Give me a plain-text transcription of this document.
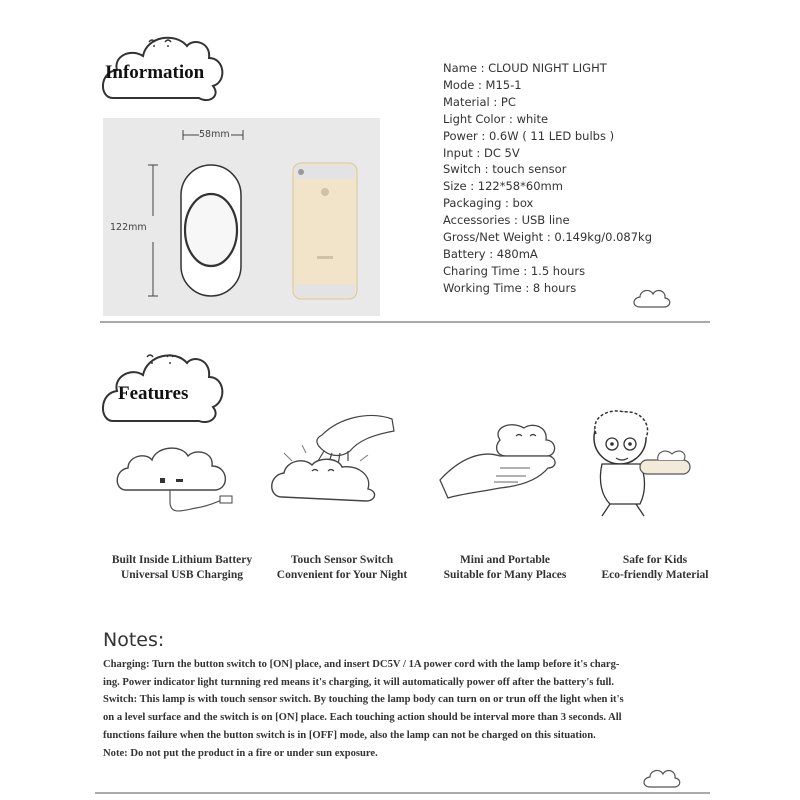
Information
58mm
122mm
Name : CLOUD NIGHT LIGHT
Mode : M15-1
Material : PC
Light Color : white
Power : 0.6W ( 11 LED bulbs )
Input : DC 5V
Switch : touch sensor
Size : 122*58*60mm
Packaging : box
Accessories : USB line
Gross/Net Weight : 0.149kg/0.087kg
Battery : 480mA
Charing Time : 1.5 hours
Working Time : 8 hours
Features
Built Inside Lithium Battery
Universal USB Charging
Touch Sensor Switch
Convenient for Your Night
Mini and Portable
Suitable for Many Places
Safe for Kids
Eco-friendly Material
Notes:

Charging: Turn the button switch to [ON] place, and insert DC5V / 1A power cord with the lamp before it's charg-

ing. Power indicator light turnning red means it's charging, it will automatically power off after the battery's full.

Switch: This lamp is with touch sensor switch. By touching the lamp body can turn on or trun off the light when it's

on a level surface and the switch is on [ON] place. Each touching action should be interval more than 3 seconds. All

functions failure when the button switch is in [OFF] mode, also the lamp can not be charged on this situation.

Note: Do not put the product in a fire or under sun exposure.
